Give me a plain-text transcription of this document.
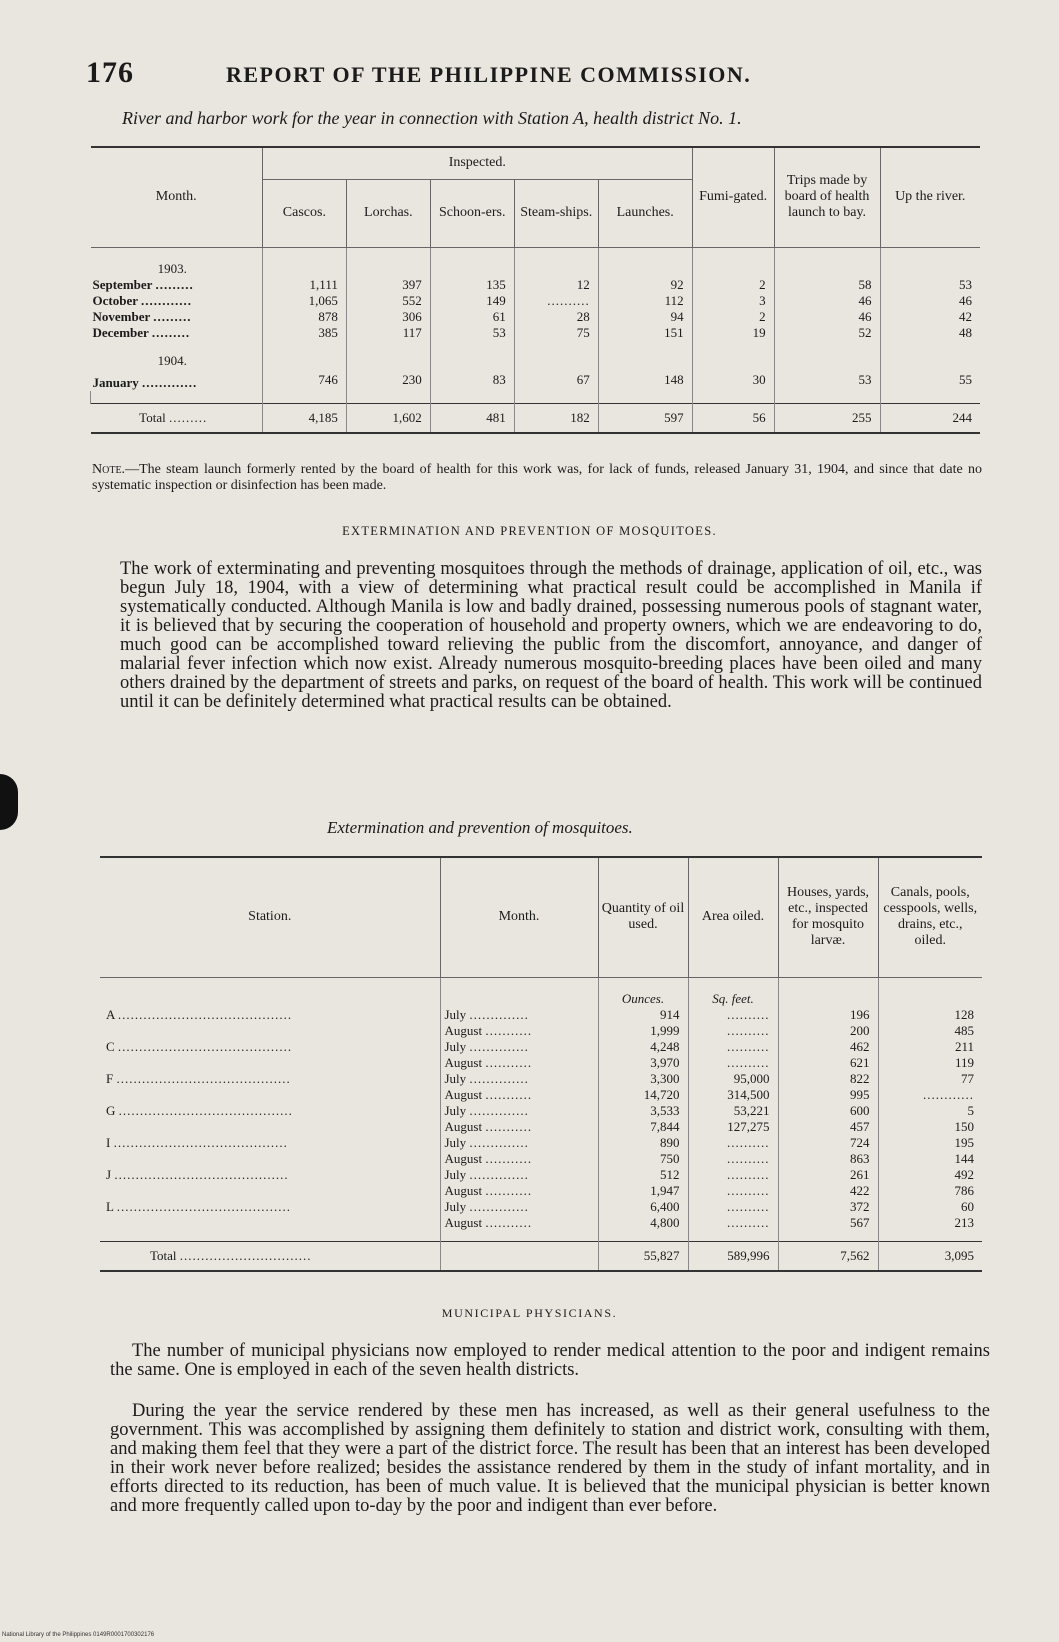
176	REPORT OF THE PHILIPPINE COMMISSION.
River and harbor work for the year in connection with Station A, health district No. 1.
Month.	Inspected.					Fumi-gated.	Trips made by board of health launch to bay.	Up the river.
	Cascos.	Lorchas.	Schoon-ers.	Steam-ships.	Launches.			
1903.								
September .........	1,111	397	135	12	92	2	58	53
October ............	1,065	552	149	..........	112	3	46	46
November .........	878	306	61	28	94	2	46	42
December .........	385	117	53	75	151	19	52	48
1904.								
January .............	746	230	83	67	148	30	53	55

Total .........	4,185	1,602	481	182	597	56	255	244
Note.—The steam launch formerly rented by the board of health for this work was, for lack of funds, released January 31, 1904, and since that date no systematic inspection or disinfection has been made.
EXTERMINATION AND PREVENTION OF MOSQUITOES.
The work of exterminating and preventing mosquitoes through the methods of drainage, application of oil, etc., was begun July 18, 1904, with a view of determining what practical result could be accomplished in Manila if systematically conducted. Although Manila is low and badly drained, possessing numerous pools of stagnant water, it is believed that by securing the cooperation of household and property owners, which we are endeavoring to do, much good can be accomplished toward relieving the public from the discomfort, annoyance, and danger of malarial fever infection which now exist. Already numerous mosquito-breeding places have been oiled and many others drained by the department of streets and parks, on request of the board of health. This work will be continued until it can be definitely determined what practical results can be obtained.
Extermination and prevention of mosquitoes.
Station.	Month.	Quantity of oil used.	Area oiled.	Houses, yards, etc., inspected for mosquito larvæ.	Canals, pools, cesspools, wells, drains, etc., oiled.
		Ounces.	Sq. feet.		
A .........................................	July ..............	914	..........	196	128
	August ...........	1,999	..........	200	485
C .........................................	July ..............	4,248	..........	462	211
	August ...........	3,970	..........	621	119
F .........................................	July ..............	3,300	95,000	822	77
	August ...........	14,720	314,500	995	............
G .........................................	July ..............	3,533	53,221	600	5
	August ...........	7,844	127,275	457	150
I .........................................	July ..............	890	..........	724	195
	August ...........	750	..........	863	144
J .........................................	July ..............	512	..........	261	492
	August ...........	1,947	..........	422	786
L .........................................	July ..............	6,400	..........	372	60
	August ...........	4,800	..........	567	213

Total ...............................		55,827	589,996	7,562	3,095
MUNICIPAL PHYSICIANS.
The number of municipal physicians now employed to render medical attention to the poor and indigent remains the same. One is employed in each of the seven health districts.
During the year the service rendered by these men has increased, as well as their general usefulness to the government. This was accomplished by assigning them definitely to station and district work, consulting with them, and making them feel that they were a part of the district force. The result has been that an interest has been developed in their work never before realized; besides the assistance rendered by them in the study of infant mortality, and in efforts directed to its reduction, has been of much value. It is believed that the municipal physician is better known and more frequently called upon to-day by the poor and indigent than ever before.
National Library of the Philippines 0149R0001700302176
